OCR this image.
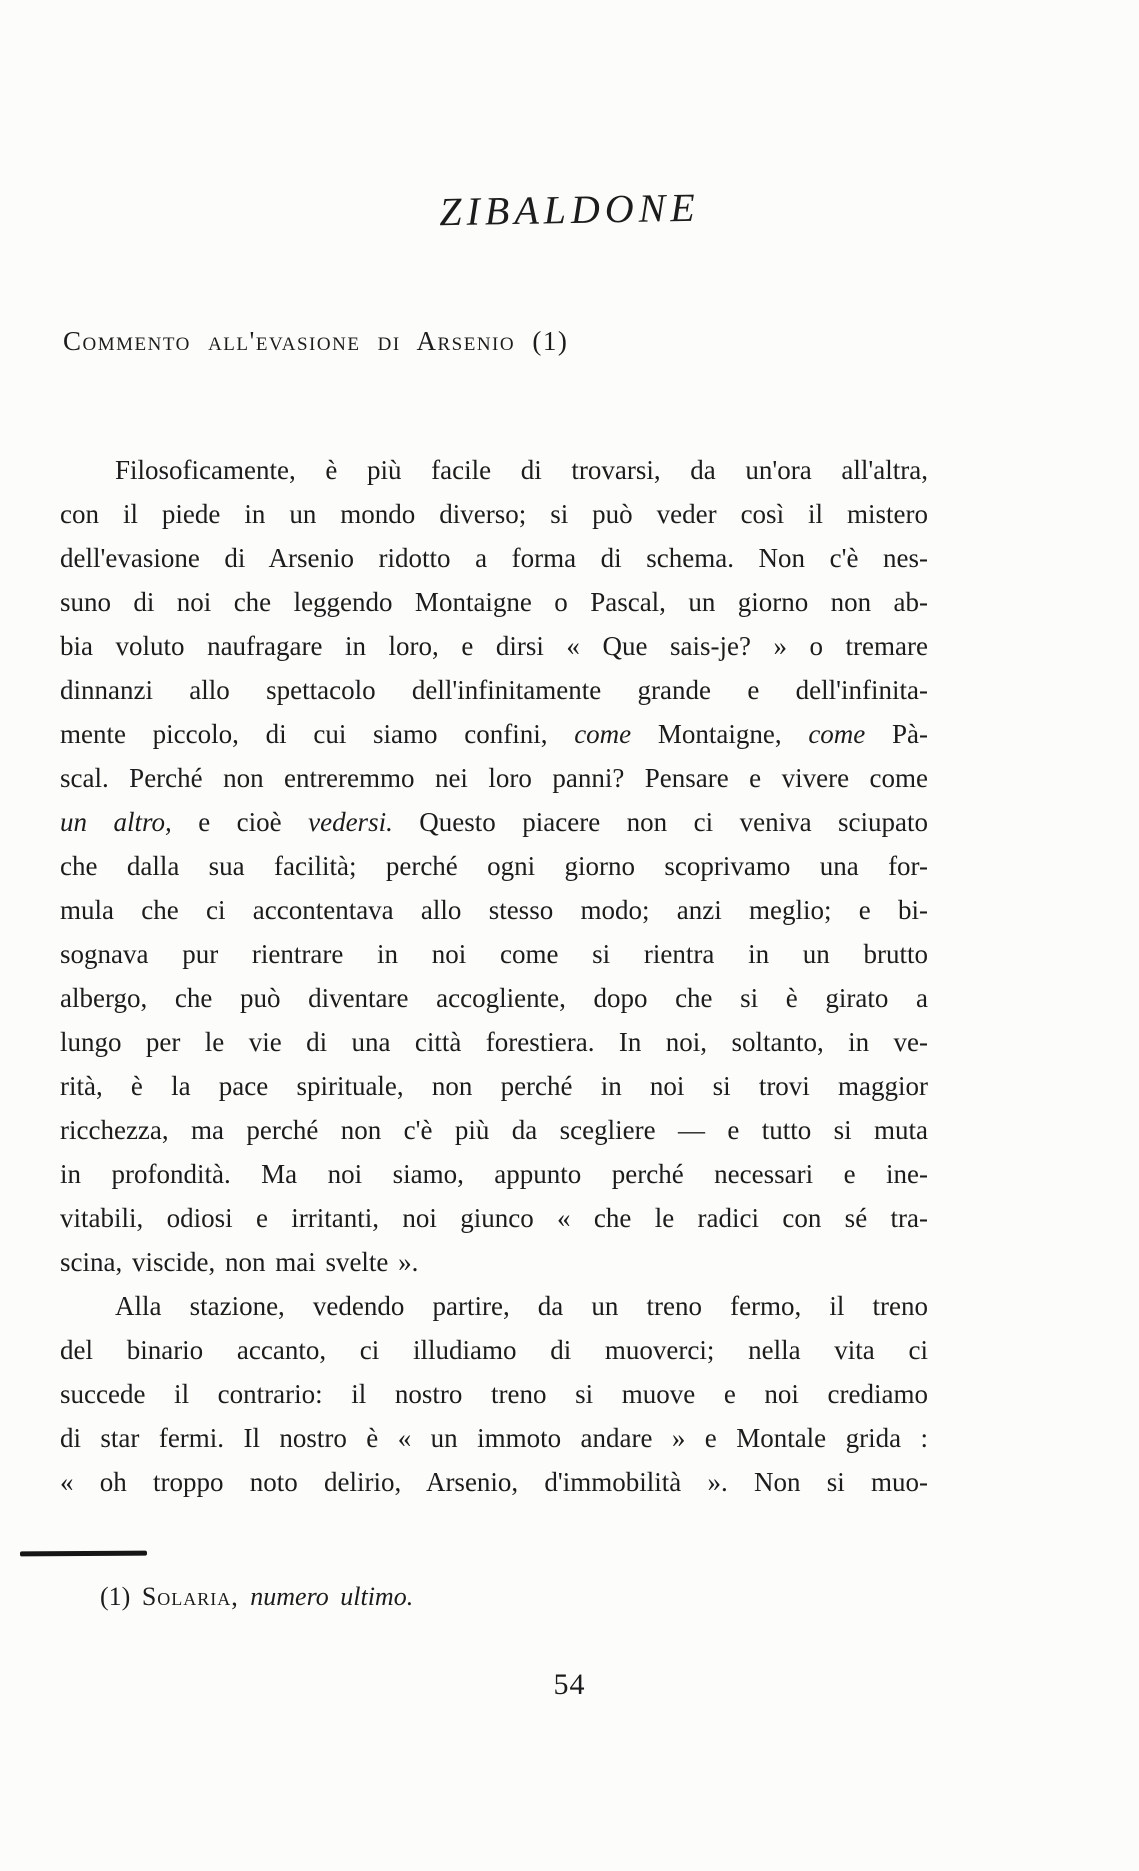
ZIBALDONE
Commento all'evasione di Arsenio (1)
Filosoficamente, è più facile di trovarsi, da un'ora all'altra,
con il piede in un mondo diverso; si può veder così il mistero
dell'evasione di Arsenio ridotto a forma di schema. Non c'è nes-
suno di noi che leggendo Montaigne o Pascal, un giorno non ab-
bia voluto naufragare in loro, e dirsi « Que sais-je? » o tremare
dinnanzi allo spettacolo dell'infinitamente grande e dell'infinita-
mente piccolo, di cui siamo confini, come Montaigne, come Pà-
scal. Perché non entreremmo nei loro panni? Pensare e vivere come
un altro, e cioè vedersi. Questo piacere non ci veniva sciupato
che dalla sua facilità; perché ogni giorno scoprivamo una for-
mula che ci accontentava allo stesso modo; anzi meglio; e bi-
sognava pur rientrare in noi come si rientra in un brutto
albergo, che può diventare accogliente, dopo che si è girato a
lungo per le vie di una città forestiera. In noi, soltanto, in ve-
rità, è la pace spirituale, non perché in noi si trovi maggior
ricchezza, ma perché non c'è più da scegliere — e tutto si muta
in profondità. Ma noi siamo, appunto perché necessari e ine-
vitabili, odiosi e irritanti, noi giunco « che le radici con sé tra-
scina, viscide, non mai svelte ».
Alla stazione, vedendo partire, da un treno fermo, il treno
del binario accanto, ci illudiamo di muoverci; nella vita ci
succede il contrario: il nostro treno si muove e noi crediamo
di star fermi. Il nostro è « un immoto andare » e Montale grida :
« oh troppo noto delirio, Arsenio, d'immobilità ». Non si muo-
(1) Solaria, numero ultimo.
54
